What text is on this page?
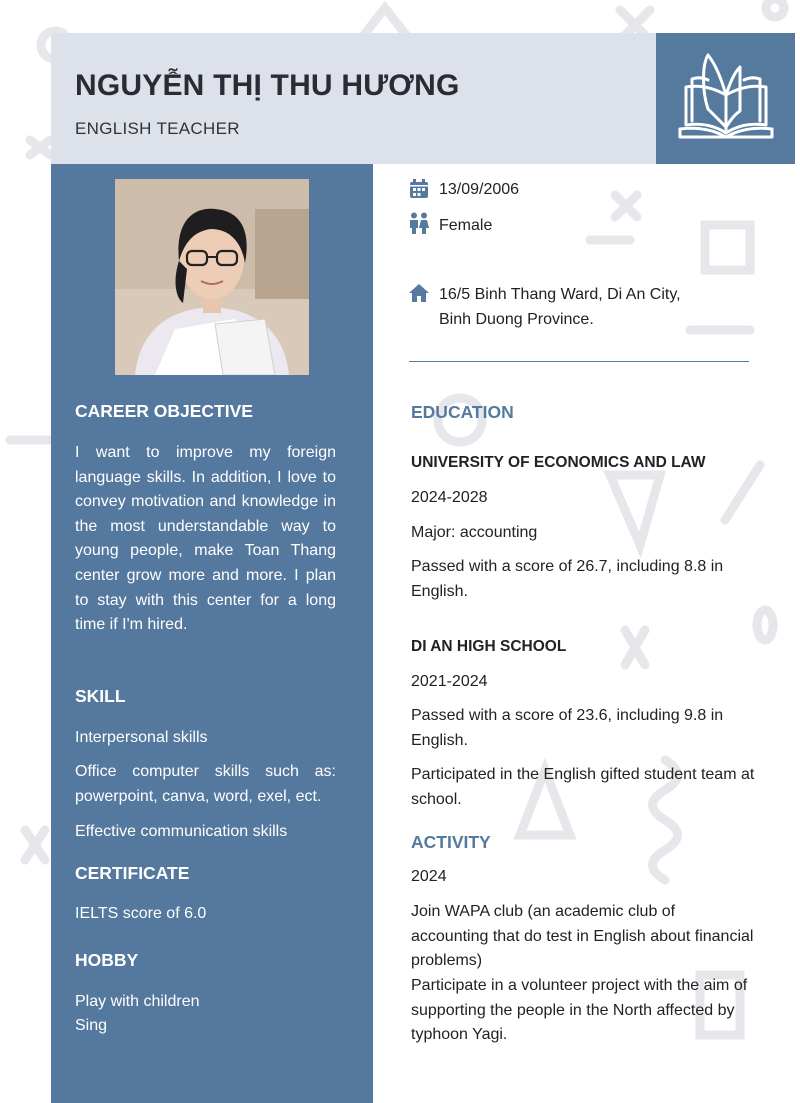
NGUYỄN THỊ THU HƯƠNG
ENGLISH TEACHER
CAREER OBJECTIVE
I want to improve my foreign language skills. In addition, I love to convey motivation and knowledge in the most understandable way to young people, make Toan Thang center grow more and more. I plan to stay with this center for a long time if I'm hired.
SKILL
Interpersonal skills
Office computer skills such as: powerpoint, canva, word, exel, ect.
Effective communication skills
CERTIFICATE
IELTS score of 6.0
HOBBY
Play with children
Sing
13/09/2006
Female
16/5 Binh Thang Ward, Di An City,
Binh Duong Province.
EDUCATION
UNIVERSITY OF ECONOMICS AND LAW
2024-2028
Major: accounting
Passed with a score of 26.7, including 8.8 in English.
DI AN HIGH SCHOOL
2021-2024
Passed with a score of 23.6, including 9.8 in English.
Participated in the English gifted student team at school.
ACTIVITY
2024
Join WAPA club (an academic club of accounting that do test in English about financial problems)
Participate in a volunteer project with the aim of supporting the people in the North affected by typhoon Yagi.
